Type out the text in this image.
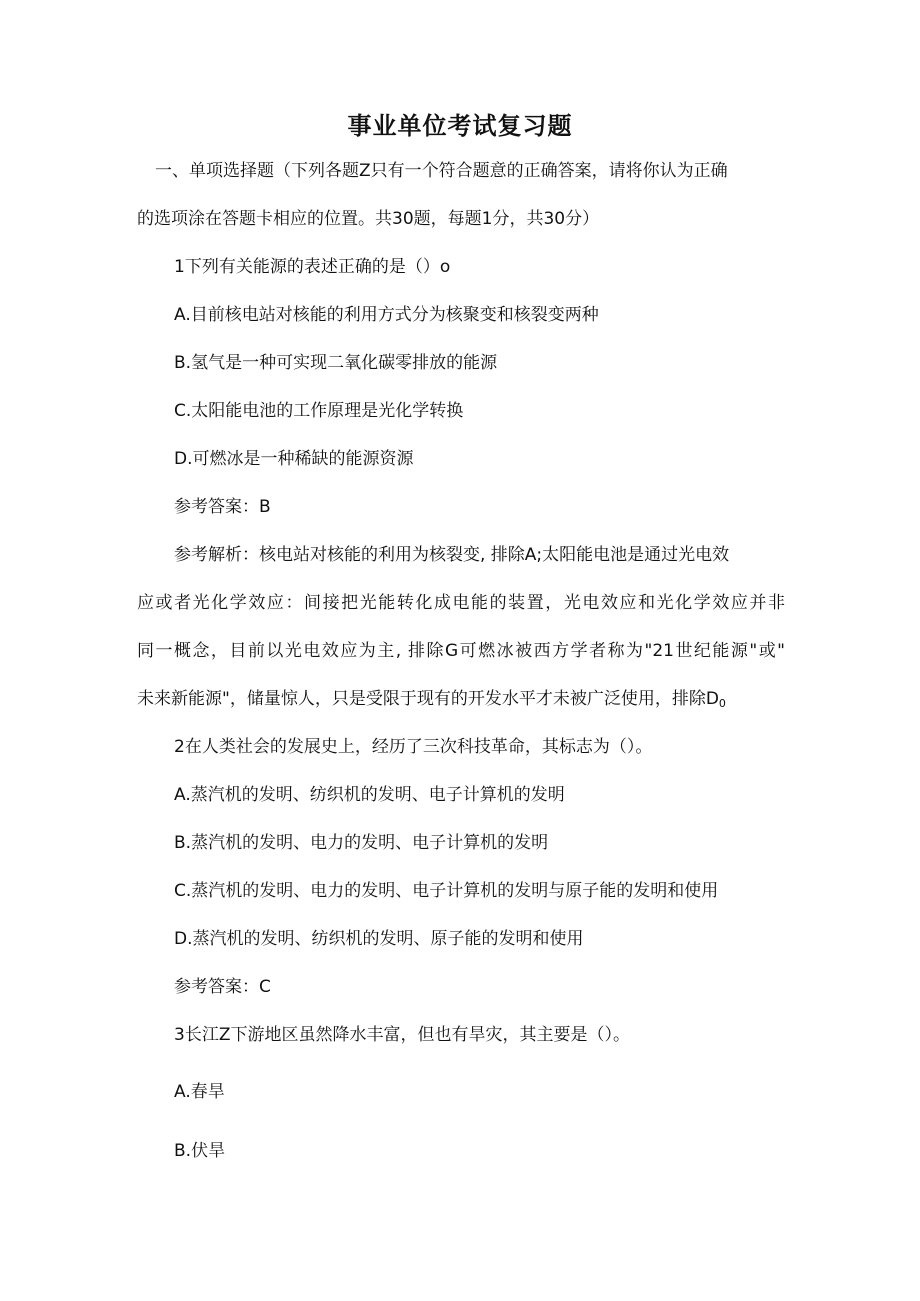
事业单位考试复习题
一、单项选择题（下列各题Z只有一个符合题意的正确答案，请将你认为正确
的选项涂在答题卡相应的位置。共30题，每题1分，共30分）
1下列有关能源的表述正确的是（）o
A.目前核电站对核能的利用方式分为核聚变和核裂变两种
B.氢气是一种可实现二氧化碳零排放的能源
C.太阳能电池的工作原理是光化学转换
D.可燃冰是一种稀缺的能源资源
参考答案：B
参考解析：核电站对核能的利用为核裂变, 排除A;太阳能电池是通过光电效
应或者光化学效应：间接把光能转化成电能的装置，光电效应和光化学效应并非
同一概念，目前以光电效应为主, 排除G可燃冰被西方学者称为"21世纪能源"或"
未来新能源"，储量惊人，只是受限于现有的开发水平才未被广泛使用，排除$D_0$
2在人类社会的发展史上，经历了三次科技革命，其标志为（）。
A.蒸汽机的发明、纺织机的发明、电子计算机的发明
B.蒸汽机的发明、电力的发明、电子计算机的发明
C.蒸汽机的发明、电力的发明、电子计算机的发明与原子能的发明和使用
D.蒸汽机的发明、纺织机的发明、原子能的发明和使用
参考答案：C
3长江Z下游地区虽然降水丰富，但也有旱灾，其主要是（）。
A.春旱
B.伏旱
